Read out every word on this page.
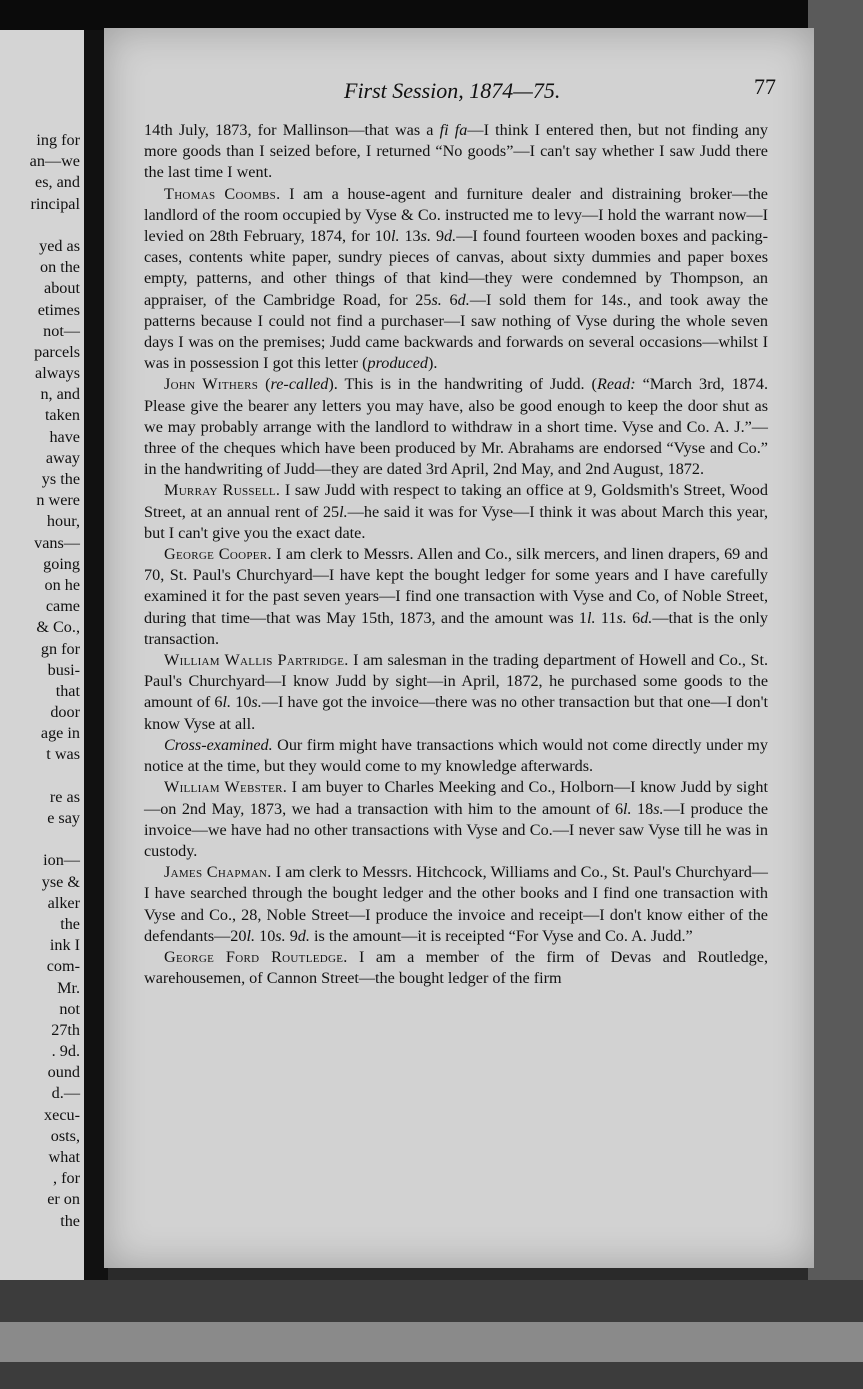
ing for
an—we
es, and
rincipal
yed as
on the
about
etimes
not—
parcels
always
n, and
taken
have
away
ys the
n were
hour,
vans—
going
on he
came
& Co.,
gn for
busi-
that
door
age in
t was
re as
e say
ion—
yse &
alker
the
ink I
com-
Mr.
not
27th
. 9d.
ound
d.—
xecu-
osts,
what
, for
er on
the
First Session, 1874—75.	77

14th July, 1873, for Mallinson—that was a fi fa—I think I entered then, but not finding any more goods than I seized before, I returned “No goods”—I can't say whether I saw Judd there the last time I went.

Thomas Coombs. I am a house-agent and furniture dealer and distraining broker—the landlord of the room occupied by Vyse & Co. instructed me to levy—I hold the warrant now—I levied on 28th February, 1874, for 10l. 13s. 9d.—I found fourteen wooden boxes and packing-cases, contents white paper, sundry pieces of canvas, about sixty dummies and paper boxes empty, patterns, and other things of that kind—they were condemned by Thompson, an appraiser, of the Cambridge Road, for 25s. 6d.—I sold them for 14s., and took away the patterns because I could not find a purchaser—I saw nothing of Vyse during the whole seven days I was on the premises; Judd came backwards and forwards on several occasions—whilst I was in possession I got this letter (produced).

John Withers (re-called). This is in the handwriting of Judd. (Read: “March 3rd, 1874. Please give the bearer any letters you may have, also be good enough to keep the door shut as we may probably arrange with the landlord to withdraw in a short time. Vyse and Co. A. J.”—three of the cheques which have been produced by Mr. Abrahams are endorsed “Vyse and Co.” in the handwriting of Judd—they are dated 3rd April, 2nd May, and 2nd August, 1872.

Murray Russell. I saw Judd with respect to taking an office at 9, Goldsmith's Street, Wood Street, at an annual rent of 25l.—he said it was for Vyse—I think it was about March this year, but I can't give you the exact date.

George Cooper. I am clerk to Messrs. Allen and Co., silk mercers, and linen drapers, 69 and 70, St. Paul's Churchyard—I have kept the bought ledger for some years and I have carefully examined it for the past seven years—I find one transaction with Vyse and Co, of Noble Street, during that time—that was May 15th, 1873, and the amount was 1l. 11s. 6d.—that is the only transaction.

William Wallis Partridge. I am salesman in the trading department of Howell and Co., St. Paul's Churchyard—I know Judd by sight—in April, 1872, he purchased some goods to the amount of 6l. 10s.—I have got the invoice—there was no other transaction but that one—I don't know Vyse at all.

Cross-examined. Our firm might have transactions which would not come directly under my notice at the time, but they would come to my knowledge afterwards.

William Webster. I am buyer to Charles Meeking and Co., Holborn—I know Judd by sight—on 2nd May, 1873, we had a transaction with him to the amount of 6l. 18s.—I produce the invoice—we have had no other transactions with Vyse and Co.—I never saw Vyse till he was in custody.

James Chapman. I am clerk to Messrs. Hitchcock, Williams and Co., St. Paul's Churchyard—I have searched through the bought ledger and the other books and I find one transaction with Vyse and Co., 28, Noble Street—I produce the invoice and receipt—I don't know either of the defendants—20l. 10s. 9d. is the amount—it is receipted “For Vyse and Co. A. Judd.”

George Ford Routledge. I am a member of the firm of Devas and Routledge, warehousemen, of Cannon Street—the bought ledger of the firm
